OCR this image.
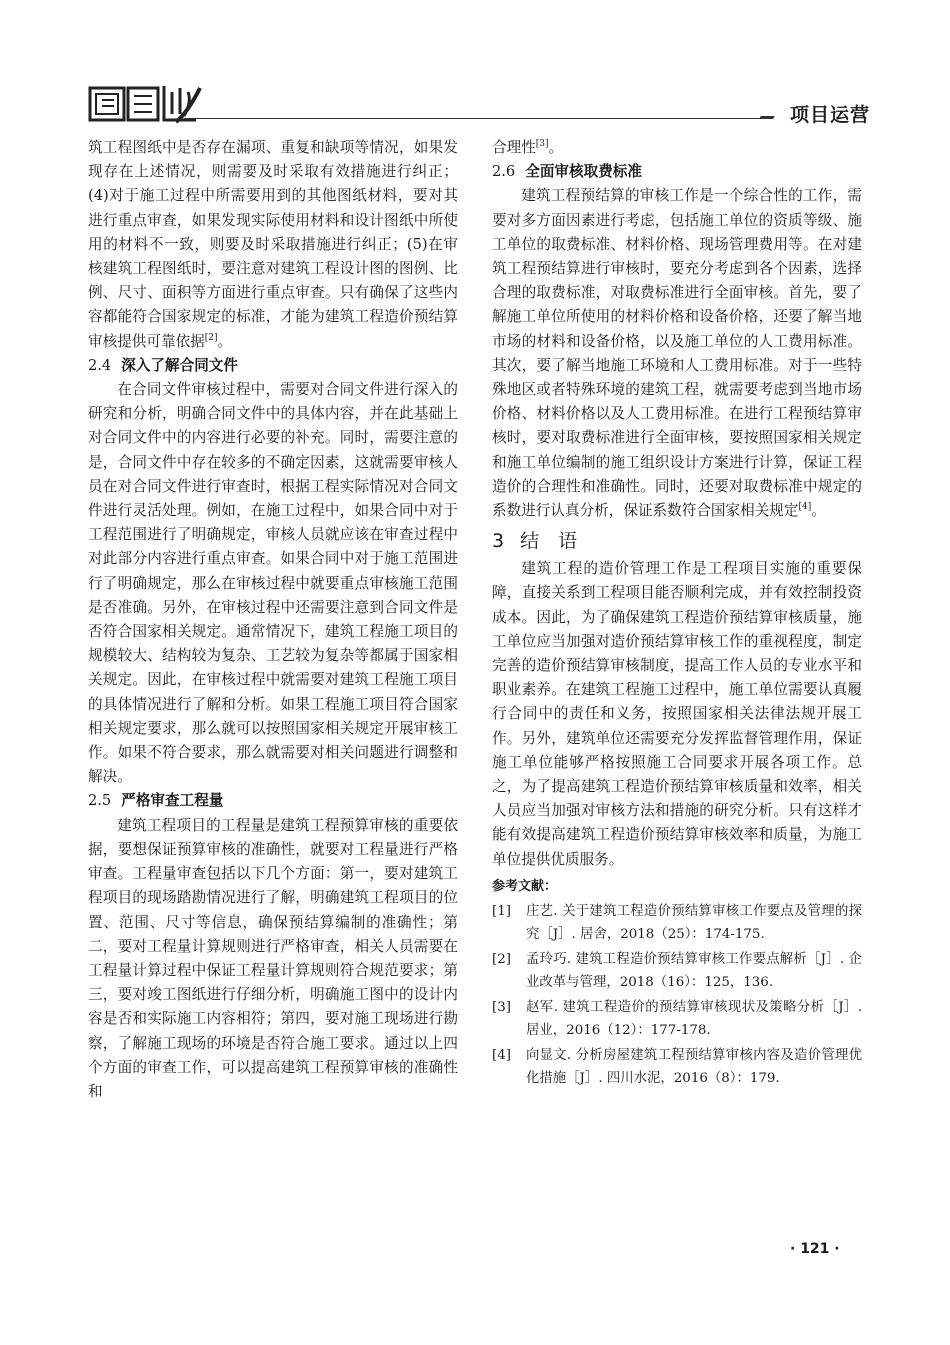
项目运营

筑工程图纸中是否存在漏项、重复和缺项等情况，如果发现存在上述情况，则需要及时采取有效措施进行纠正；(4)对于施工过程中所需要用到的其他图纸材料，要对其进行重点审查，如果发现实际使用材料和设计图纸中所使用的材料不一致，则要及时采取措施进行纠正；(5)在审核建筑工程图纸时，要注意对建筑工程设计图的图例、比例、尺寸、面积等方面进行重点审查。只有确保了这些内容都能符合国家规定的标准，才能为建筑工程造价预结算审核提供可靠依据[2]。

2.4 深入了解合同文件

在合同文件审核过程中，需要对合同文件进行深入的研究和分析，明确合同文件中的具体内容，并在此基础上对合同文件中的内容进行必要的补充。同时，需要注意的是，合同文件中存在较多的不确定因素，这就需要审核人员在对合同文件进行审查时，根据工程实际情况对合同文件进行灵活处理。例如，在施工过程中，如果合同中对于工程范围进行了明确规定，审核人员就应该在审查过程中对此部分内容进行重点审查。如果合同中对于施工范围进行了明确规定，那么在审核过程中就要重点审核施工范围是否准确。另外，在审核过程中还需要注意到合同文件是否符合国家相关规定。通常情况下，建筑工程施工项目的规模较大、结构较为复杂、工艺较为复杂等都属于国家相关规定。因此，在审核过程中就需要对建筑工程施工项目的具体情况进行了解和分析。如果工程施工项目符合国家相关规定要求，那么就可以按照国家相关规定开展审核工作。如果不符合要求，那么就需要对相关问题进行调整和解决。

2.5 严格审查工程量

建筑工程项目的工程量是建筑工程预算审核的重要依据，要想保证预算审核的准确性，就要对工程量进行严格审查。工程量审查包括以下几个方面：第一，要对建筑工程项目的现场踏勘情况进行了解，明确建筑工程项目的位置、范围、尺寸等信息，确保预结算编制的准确性；第二，要对工程量计算规则进行严格审查，相关人员需要在工程量计算过程中保证工程量计算规则符合规范要求；第三，要对竣工图纸进行仔细分析，明确施工图中的设计内容是否和实际施工内容相符；第四，要对施工现场进行勘察，了解施工现场的环境是否符合施工要求。通过以上四个方面的审查工作，可以提高建筑工程预算审核的准确性和

合理性[3]。

2.6 全面审核取费标准

建筑工程预结算的审核工作是一个综合性的工作，需要对多方面因素进行考虑，包括施工单位的资质等级、施工单位的取费标准、材料价格、现场管理费用等。在对建筑工程预结算进行审核时，要充分考虑到各个因素，选择合理的取费标准，对取费标准进行全面审核。首先，要了解施工单位所使用的材料价格和设备价格，还要了解当地市场的材料和设备价格，以及施工单位的人工费用标准。其次，要了解当地施工环境和人工费用标准。对于一些特殊地区或者特殊环境的建筑工程，就需要考虑到当地市场价格、材料价格以及人工费用标准。在进行工程预结算审核时，要对取费标准进行全面审核，要按照国家相关规定和施工单位编制的施工组织设计方案进行计算，保证工程造价的合理性和准确性。同时，还要对取费标准中规定的系数进行认真分析，保证系数符合国家相关规定[4]。

3 结　语

建筑工程的造价管理工作是工程项目实施的重要保障，直接关系到工程项目能否顺利完成，并有效控制投资成本。因此，为了确保建筑工程造价预结算审核质量，施工单位应当加强对造价预结算审核工作的重视程度，制定完善的造价预结算审核制度，提高工作人员的专业水平和职业素养。在建筑工程施工过程中，施工单位需要认真履行合同中的责任和义务，按照国家相关法律法规开展工作。另外，建筑单位还需要充分发挥监督管理作用，保证施工单位能够严格按照施工合同要求开展各项工作。总之，为了提高建筑工程造价预结算审核质量和效率，相关人员应当加强对审核方法和措施的研究分析。只有这样才能有效提高建筑工程造价预结算审核效率和质量，为施工单位提供优质服务。

参考文献：
[1] 庄艺. 关于建筑工程造价预结算审核工作要点及管理的探究［J］. 居舍，2018（25）：174-175.
[2] 孟玲巧. 建筑工程造价预结算审核工作要点解析［J］. 企业改革与管理，2018（16）：125，136.
[3] 赵军. 建筑工程造价的预结算审核现状及策略分析［J］. 居业，2016（12）：177-178.
[4] 向显文. 分析房屋建筑工程预结算审核内容及造价管理优化措施［J］. 四川水泥，2016（8）：179.
· 121 ·
